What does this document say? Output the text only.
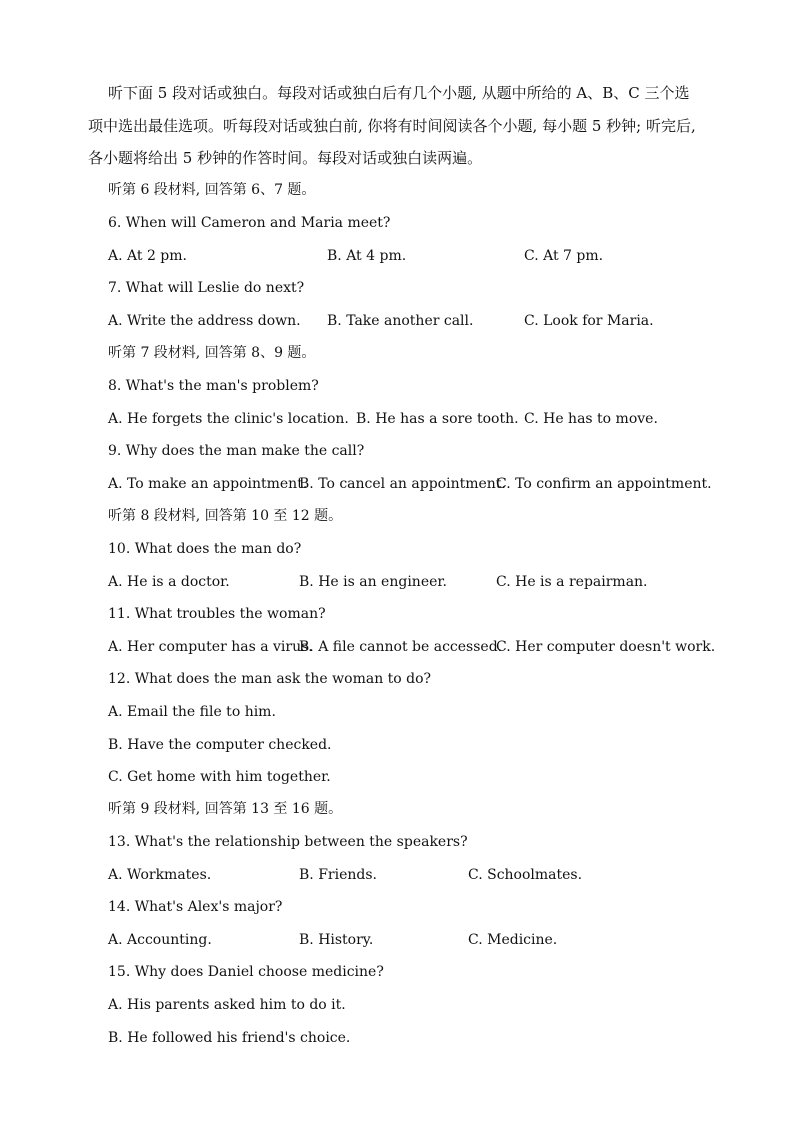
听下面 5 段对话或独白。每段对话或独白后有几个小题, 从题中所给的 A、B、C 三个选
项中选出最佳选项。听每段对话或独白前, 你将有时间阅读各个小题, 每小题 5 秒钟; 听完后,
各小题将给出 5 秒钟的作答时间。每段对话或独白读两遍。
听第 6 段材料, 回答第 6、7 题。
6. When will Cameron and Maria meet?
A. At 2 pm.	B. At 4 pm.	C. At 7 pm.
7. What will Leslie do next?
A. Write the address down. B. Take another call.	C. Look for Maria.
听第 7 段材料, 回答第 8、9 题。
8. What's the man's problem?
A. He forgets the clinic's location. B. He has a sore tooth. C. He has to move.
9. Why does the man make the call?
A. To make an appointment.
B. To cancel an appointment.
C. To confirm an appointment.
听第 8 段材料, 回答第 10 至 12 题。
10. What does the man do?
A. He is a doctor.	B. He is an engineer.	C. He is a repairman.
11. What troubles the woman?
A. Her computer has a virus.
B. A file cannot be accessed.
C. Her computer doesn't work.
12. What does the man ask the woman to do?
A. Email the file to him.
B. Have the computer checked.
C. Get home with him together.
听第 9 段材料, 回答第 13 至 16 题。
13. What's the relationship between the speakers?
A. Workmates.	B. Friends.	C. Schoolmates.
14. What's Alex's major?
A. Accounting.	B. History.	C. Medicine.
15. Why does Daniel choose medicine?
A. His parents asked him to do it.
B. He followed his friend's choice.
